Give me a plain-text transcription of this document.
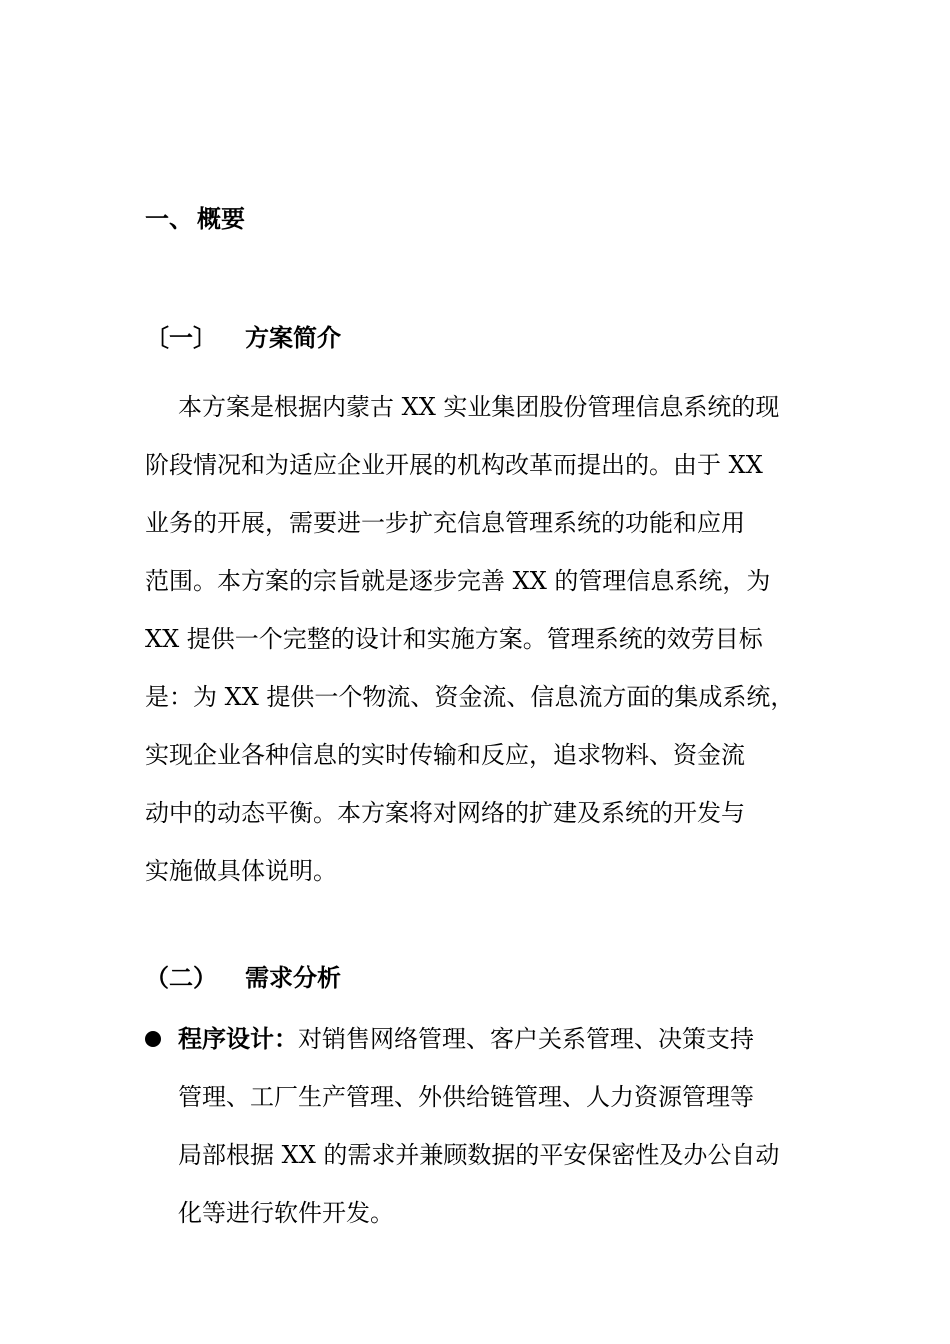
一、 概要
〔一〕 方案简介
本方案是根据内蒙古 XX 实业集团股份管理信息系统的现
阶段情况和为适应企业开展的机构改革而提出的。由于 XX
业务的开展，需要进一步扩充信息管理系统的功能和应用
范围。本方案的宗旨就是逐步完善 XX 的管理信息系统，为
XX 提供一个完整的设计和实施方案。管理系统的效劳目标
是：为 XX 提供一个物流、资金流、信息流方面的集成系统，
实现企业各种信息的实时传输和反应，追求物料、资金流
动中的动态平衡。本方案将对网络的扩建及系统的开发与
实施做具体说明。
（二） 需求分析
程序设计：对销售网络管理、客户关系管理、决策支持
管理、工厂生产管理、外供给链管理、人力资源管理等
局部根据 XX 的需求并兼顾数据的平安保密性及办公自动
化等进行软件开发。
